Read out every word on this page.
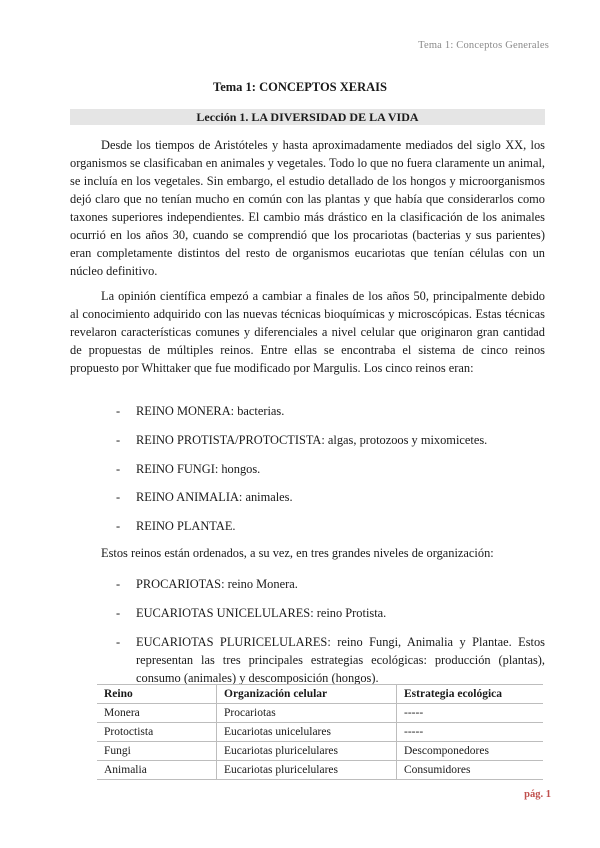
Tema 1: Conceptos Generales
Tema 1: CONCEPTOS XERAIS
Lección 1. LA DIVERSIDAD DE LA VIDA

Desde los tiempos de Aristóteles y hasta aproximadamente mediados del siglo XX, los organismos se clasificaban en animales y vegetales. Todo lo que no fuera claramente un animal, se incluía en los vegetales. Sin embargo, el estudio detallado de los hongos y microorganismos dejó claro que no tenían mucho en común con las plantas y que había que considerarlos como taxones superiores independientes. El cambio más drástico en la clasificación de los animales ocurrió en los años 30, cuando se comprendió que los procariotas (bacterias y sus parientes) eran completamente distintos del resto de organismos eucariotas que tenían células con un núcleo definitivo.

La opinión científica empezó a cambiar a finales de los años 50, principalmente debido al conocimiento adquirido con las nuevas técnicas bioquímicas y microscópicas. Estas técnicas revelaron características comunes y diferenciales a nivel celular que originaron gran cantidad de propuestas de múltiples reinos. Entre ellas se encontraba el sistema de cinco reinos propuesto por Whittaker que fue modificado por Margulis. Los cinco reinos eran:

- REINO MONERA: bacterias.
- REINO PROTISTA/PROTOCTISTA: algas, protozoos y mixomicetes.
- REINO FUNGI: hongos.
- REINO ANIMALIA: animales.
- REINO PLANTAE.

Estos reinos están ordenados, a su vez, en tres grandes niveles de organización:

- PROCARIOTAS: reino Monera.
- EUCARIOTAS UNICELULARES: reino Protista.
- EUCARIOTAS PLURICELULARES: reino Fungi, Animalia y Plantae. Estos representan las tres principales estrategias ecológicas: producción (plantas), consumo (animales) y descomposición (hongos).
Reino	Organización celular	Estrategia ecológica
Monera	Procariotas	-----
Protoctista	Eucariotas unicelulares	-----
Fungi	Eucariotas pluricelulares	Descomponedores
Animalia	Eucariotas pluricelulares	Consumidores
pág. 1
